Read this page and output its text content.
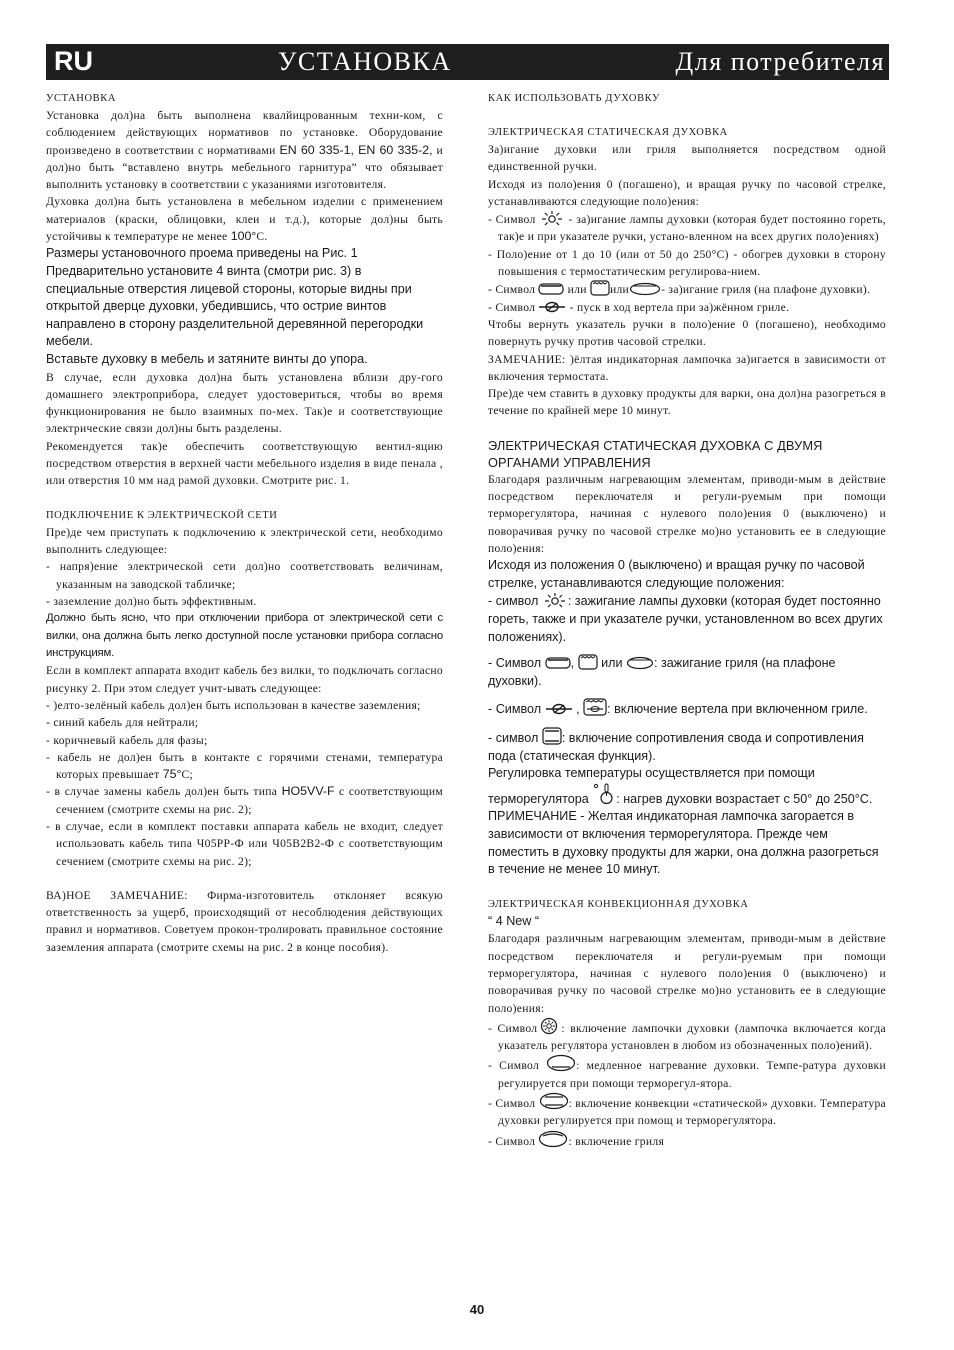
RU	УСТАНОВКА	Для потребителя

УСТАНОВКА

Установка дол)на быть выполнена квалйицрованным техни-ком, с соблюдением действующих нормативов по установке. Оборудование произведено в соответствии с нормативами EN 60 335-1, EN 60 335-2, и дол)но быть “вставлено внутрь мебельного гарнитура” что обязывает выполнить установку в соответствии с указаниями изготовителя.

Духовка дол)на быть установлена в мебельном изделии с применением материалов (краски, облицовки, клеи и т.д.), которые дол)ны быть устойчивы к температуре не менее 100°С.

Размеры установочного проема приведены на Рис. 1

Предварительно установите 4 винта (смотри рис. 3) в специальные отверстия лицевой стороны, которые видны при открытой дверце духовки, убедившись, что острие винтов направлено в сторону разделительной деревянной перегородки мебели.

Вставьте духовку в мебель и затяните винты до упора.

В случае, если духовка дол)на быть установлена вблизи дру-гого домашнего электроприбора, следует удостовериться, чтобы во время функционирования не было взаимных по-мех. Так)е и соответствующие электрические связи дол)ны быть разделены.

Рекомендуется так)е обеспечить соответствующую вентил-яцию посредством отверстия в верхней части мебельного изделия в виде пенала , или отверстия 10 мм над рамой духовки. Смотрите рис. 1.

ПОДКЛЮЧЕНИЕ К ЭЛЕКТРИЧЕСКОЙ СЕТИ

Пре)де чем приступать к подключению к электрической сети, необходимо выполнить следующее:

- напря)ение электрической сети дол)но соответствовать величинам, указанным на заводской табличке;

- заземление дол)но быть эффективным.

Должно быть ясно, что при отключении прибора от электрической сети с вилки, она должна быть легко доступной после установки прибора согласно инструкциям.

Если в комплект аппарата входит кабель без вилки, то подключать согласно рисунку 2. При этом следует учит-ывать следующее:

- )елто-зелёный кабель дол)ен быть использован в качестве заземления;

- синий кабель для нейтрали;

- коричневый кабель для фазы;

- кабель не дол)ен быть в контакте с горячими стенами, температура которых превышает 75°С;

- в случае замены кабель дол)ен быть типа HO5VV-F с соответствующим сечением (смотрите схемы на рис. 2);

- в случае, если в комплект поставки аппарата кабель не входит, следует использовать кабель типа Ч05РР-Ф или Ч05В2В2-Ф с соответствующим сечением (смотрите схемы на рис. 2);

ВА)НОЕ ЗАМЕЧАНИЕ: Фирма-изготовитель отклоняет всякую ответственность за ущерб, происходящий от несоблюдения действующих правил и нормативов. Советуем прокон-тролировать правильное состояние заземления аппарата (смотрите схемы на рис. 2 в конце пособия).

КАК ИСПОЛЬЗОВАТЬ ДУХОВКУ

ЭЛЕКТРИЧЕСКАЯ СТАТИЧЕСКАЯ ДУХОВКА

За)игание духовки или гриля выполняется посредством одной единственной ручки.

Исходя из поло)ения 0 (погашено), и вращая ручку по часовой стрелке, устанавливаются следующие поло)ения:

- Символ
- за)игание лампы духовки (которая будет постоянно гореть, так)е и при указателе ручки, устано-вленном на всех других поло)ениях)

- Поло)ение от 1 до 10 (или от 50 до 250°С) - обогрев духовки в сторону повышения с термостатическим регулирова-нием.

- Символ
или
или	- за)игание гриля (на плафоне духовки).

- Символ
- пуск в ход вертела при за)жённом гриле.

Чтобы вернуть указатель ручки в поло)ение 0 (погашено), необходимо повернуть ручку против часовой стрелки.

ЗАМЕЧАНИЕ: )ёлтая индикаторная лампочка за)игается в зависимости от включения термостата.

Пре)де чем ставить в духовку продукты для варки, она дол)на разогреться в течение по крайней мере 10 минут.

ЭЛЕКТРИЧЕСКАЯ СТАТИЧЕСКАЯ ДУХОВКА С ДВУМЯ ОРГАНАМИ УПРАВЛЕНИЯ

Благодаря различным нагревающим элементам, приводи-мым в действие посредством переключателя и регули-руемым при помощи терморегулятора, начиная с нулевого поло)ения 0 (выключено) и поворачивая ручку по часовой стрелке мо)но установить ее в следующие поло)ения:

Исходя из положения 0 (выключено) и вращая ручку по часовой стрелке, устанавливаются следующие положения:

- символ
: зажигание лампы духовки (которая будет постоянно гореть, также и при указателе ручки, установленном во всех других положениях).

- Символ
,
или
: зажигание гриля (на плафоне духовки).

- Символ
, : включение вертела при включенном гриле.

- символ
: включение сопротивления свода и сопротивления пода (статическая функция).

Регулировка температуры осуществляется при помощи

терморегулятора
: нагрев духовки возрастает с 50° до 250°С.

ПРИМЕЧАНИЕ - Желтая индикаторная лампочка загорается в зависимости от включения терморегулятора. Прежде чем поместить в духовку продукты для жарки, она должна разогреться в течение не менее 10 минут.

ЭЛЕКТРИЧЕСКАЯ КОНВЕКЦИОННАЯ ДУХОВКА

“ 4 New “

Благодаря различным нагревающим элементам, приводи-мым в действие посредством переключателя и регули-руемым при помощи терморегулятора, начиная с нулевого поло)ения 0 (выключено) и поворачивая ручку по часовой стрелке мо)но установить ее в следующие поло)ения:

- Символ : включение лампочки духовки (лампочка включается когда указатель регулятора установлен в любом из обозначенных поло)ений).

- Символ	: медленное нагревание духовки. Темпе-ратура духовки регулируется при помощи терморегул-ятора.

- Символ	: включение конвекции «статической» духовки. Температура духовки регулируется при помощ и терморегулятора.

- Символ	: включение гриля

40
